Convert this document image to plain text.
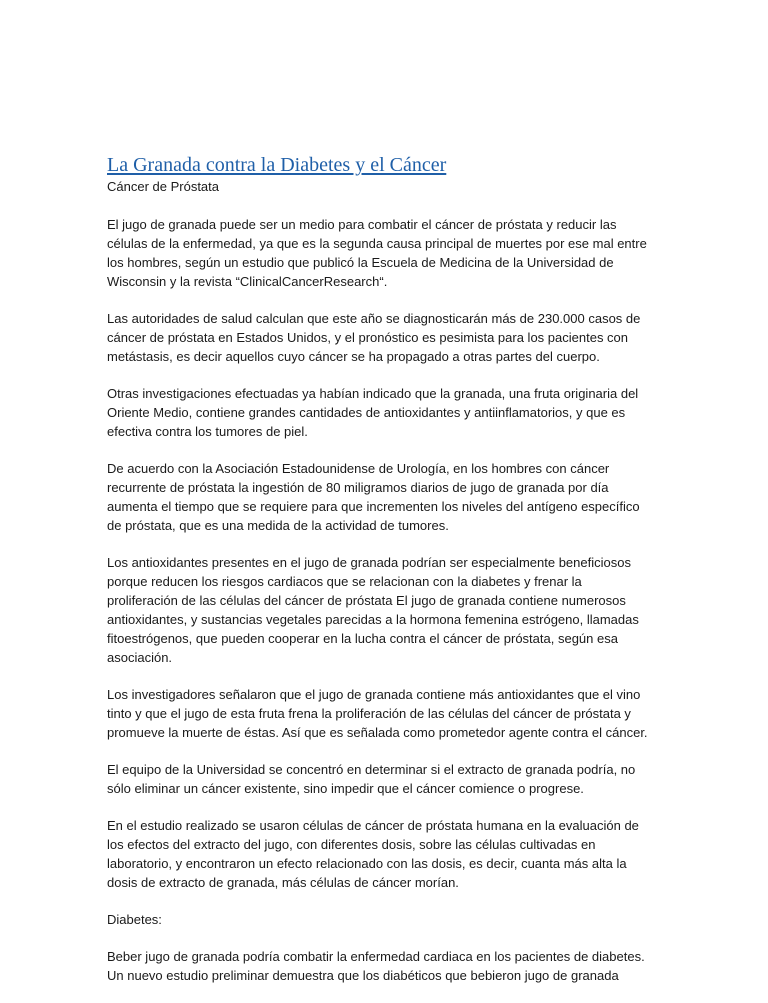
La Granada contra la Diabetes y el Cáncer

Cáncer de Próstata

El jugo de granada puede ser un medio para combatir el cáncer de próstata y reducir las
células de la enfermedad, ya que es la segunda causa principal de muertes por ese mal entre
los hombres, según un estudio que publicó la Escuela de Medicina de la Universidad de
Wisconsin y la revista “ClinicalCancerResearch“.

Las autoridades de salud calculan que este año se diagnosticarán más de 230.000 casos de
cáncer de próstata en Estados Unidos, y el pronóstico es pesimista para los pacientes con
metástasis, es decir aquellos cuyo cáncer se ha propagado a otras partes del cuerpo.

Otras investigaciones efectuadas ya habían indicado que la granada, una fruta originaria del
Oriente Medio, contiene grandes cantidades de antioxidantes y antiinflamatorios, y que es
efectiva contra los tumores de piel.

De acuerdo con la Asociación Estadounidense de Urología, en los hombres con cáncer
recurrente de próstata la ingestión de 80 miligramos diarios de jugo de granada por día
aumenta el tiempo que se requiere para que incrementen los niveles del antígeno específico
de próstata, que es una medida de la actividad de tumores.

Los antioxidantes presentes en el jugo de granada podrían ser especialmente beneficiosos
porque reducen los riesgos cardiacos que se relacionan con la diabetes y frenar la
proliferación de las células del cáncer de próstata El jugo de granada contiene numerosos
antioxidantes, y sustancias vegetales parecidas a la hormona femenina estrógeno, llamadas
fitoestrógenos, que pueden cooperar en la lucha contra el cáncer de próstata, según esa
asociación.

Los investigadores señalaron que el jugo de granada contiene más antioxidantes que el vino
tinto y que el jugo de esta fruta frena la proliferación de las células del cáncer de próstata y
promueve la muerte de éstas. Así que es señalada como prometedor agente contra el cáncer.

El equipo de la Universidad se concentró en determinar si el extracto de granada podría, no
sólo eliminar un cáncer existente, sino impedir que el cáncer comience o progrese.

En el estudio realizado se usaron células de cáncer de próstata humana en la evaluación de
los efectos del extracto del jugo, con diferentes dosis, sobre las células cultivadas en
laboratorio, y encontraron un efecto relacionado con las dosis, es decir, cuanta más alta la
dosis de extracto de granada, más células de cáncer morían.

Diabetes:

Beber jugo de granada podría combatir la enfermedad cardiaca en los pacientes de diabetes.
Un nuevo estudio preliminar demuestra que los diabéticos que bebieron jugo de granada
